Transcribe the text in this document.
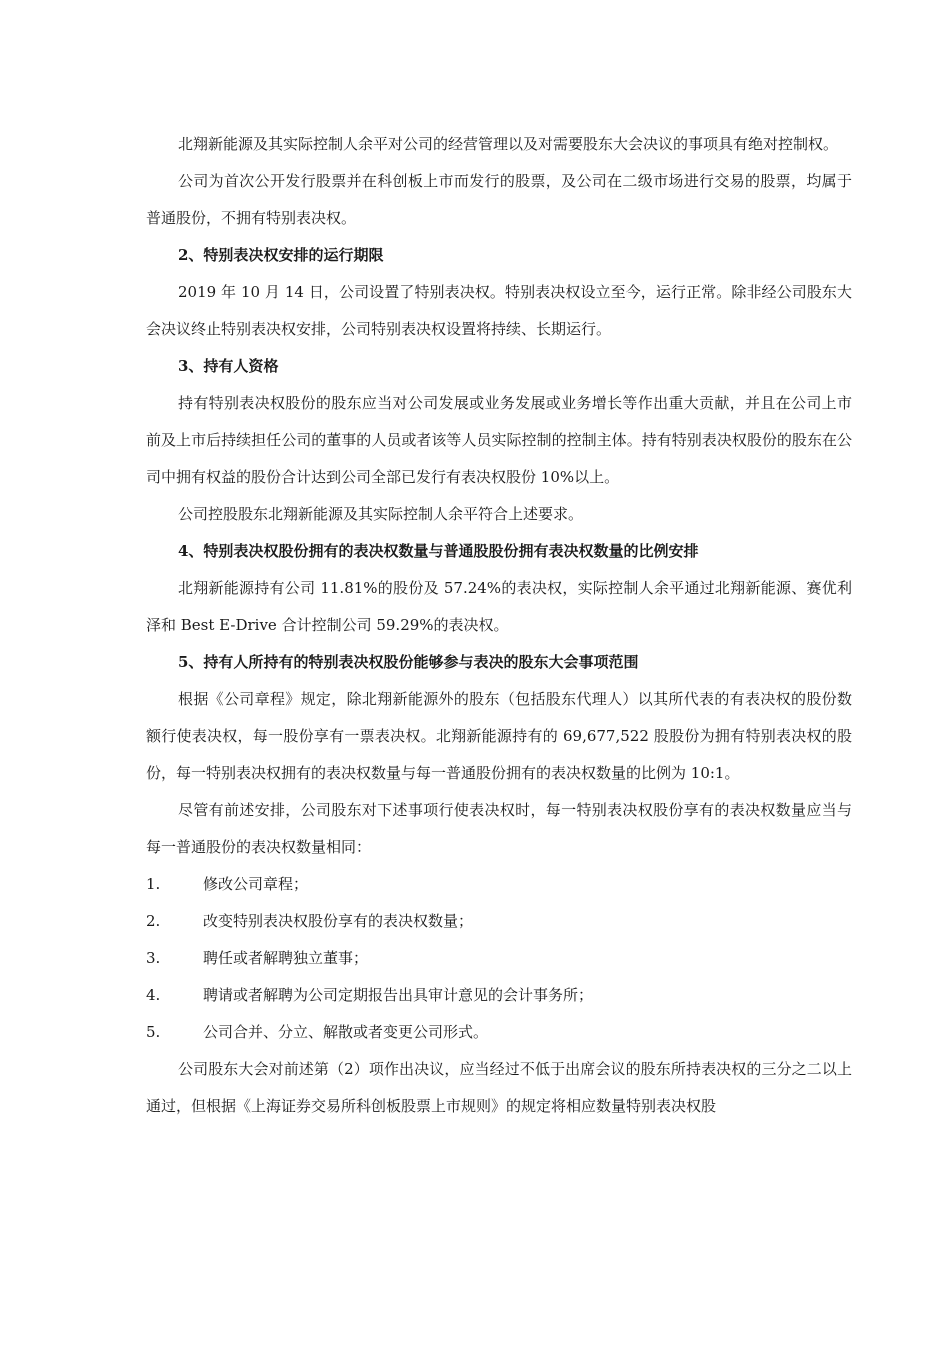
北翔新能源及其实际控制人余平对公司的经营管理以及对需要股东大会决议的事项具有绝对控制权。

公司为首次公开发行股票并在科创板上市而发行的股票，及公司在二级市场进行交易的股票，均属于普通股份，不拥有特别表决权。

2、特别表决权安排的运行期限

2019 年 10 月 14 日，公司设置了特别表决权。特别表决权设立至今，运行正常。除非经公司股东大会决议终止特别表决权安排，公司特别表决权设置将持续、长期运行。

3、持有人资格

持有特别表决权股份的股东应当对公司发展或业务发展或业务增长等作出重大贡献，并且在公司上市前及上市后持续担任公司的董事的人员或者该等人员实际控制的控制主体。持有特别表决权股份的股东在公司中拥有权益的股份合计达到公司全部已发行有表决权股份 10%以上。

公司控股股东北翔新能源及其实际控制人余平符合上述要求。

4、特别表决权股份拥有的表决权数量与普通股股份拥有表决权数量的比例安排

北翔新能源持有公司 11.81%的股份及 57.24%的表决权，实际控制人余平通过北翔新能源、赛优利泽和 Best E-Drive 合计控制公司 59.29%的表决权。

5、持有人所持有的特别表决权股份能够参与表决的股东大会事项范围

根据《公司章程》规定，除北翔新能源外的股东（包括股东代理人）以其所代表的有表决权的股份数额行使表决权，每一股份享有一票表决权。北翔新能源持有的 69,677,522 股股份为拥有特别表决权的股份，每一特别表决权拥有的表决权数量与每一普通股份拥有的表决权数量的比例为 10:1。

尽管有前述安排，公司股东对下述事项行使表决权时，每一特别表决权股份享有的表决权数量应当与每一普通股份的表决权数量相同：

1.	修改公司章程；
2.	改变特别表决权股份享有的表决权数量；
3.	聘任或者解聘独立董事；
4.	聘请或者解聘为公司定期报告出具审计意见的会计事务所；
5.	公司合并、分立、解散或者变更公司形式。

公司股东大会对前述第（2）项作出决议，应当经过不低于出席会议的股东所持表决权的三分之二以上通过，但根据《上海证券交易所科创板股票上市规则》的规定将相应数量特别表决权股
